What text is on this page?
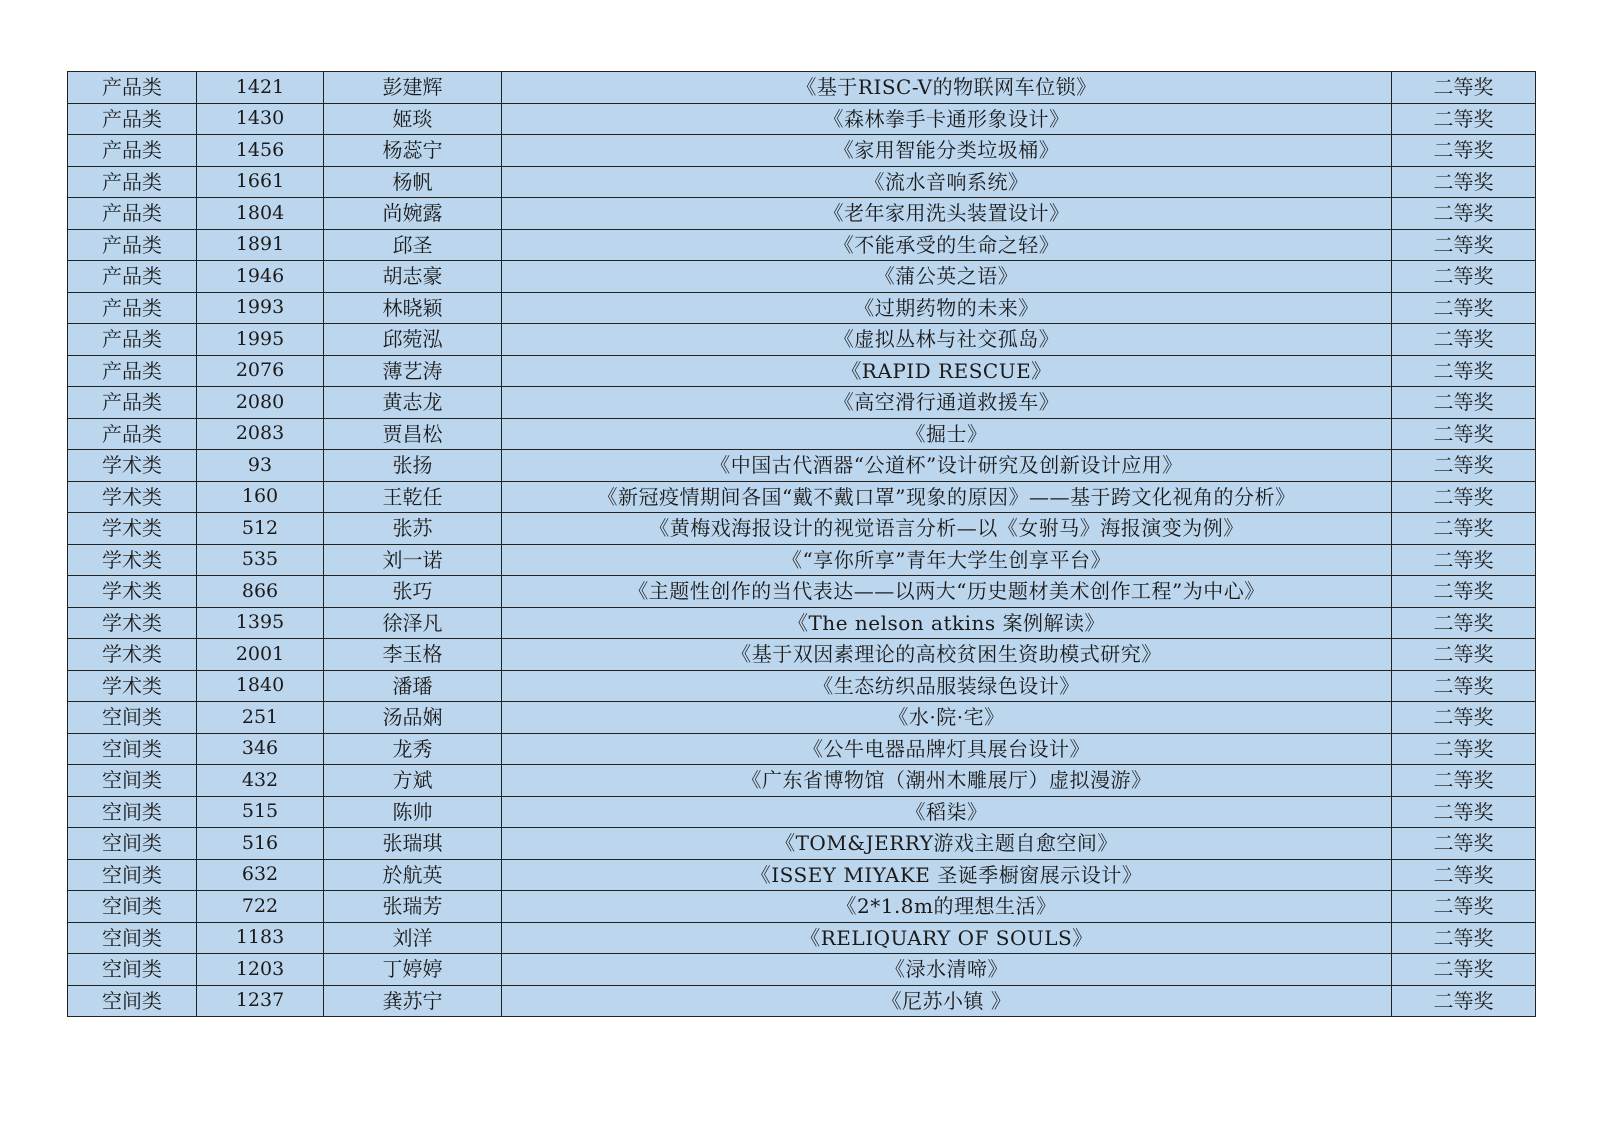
产品类	1421	彭建辉	《基于RISC-V的物联网车位锁》	二等奖
产品类	1430	姬琰	《森林拳手卡通形象设计》	二等奖
产品类	1456	杨蕊宁	《家用智能分类垃圾桶》	二等奖
产品类	1661	杨帆	《流水音响系统》	二等奖
产品类	1804	尚婉露	《老年家用洗头装置设计》	二等奖
产品类	1891	邱圣	《不能承受的生命之轻》	二等奖
产品类	1946	胡志豪	《蒲公英之语》	二等奖
产品类	1993	林晓颖	《过期药物的未来》	二等奖
产品类	1995	邱菀泓	《虚拟丛林与社交孤岛》	二等奖
产品类	2076	薄艺涛	《RAPID RESCUE》	二等奖
产品类	2080	黄志龙	《高空滑行通道救援车》	二等奖
产品类	2083	贾昌松	《掘士》	二等奖
学术类	93	张扬	《中国古代酒器“公道杯”设计研究及创新设计应用》	二等奖
学术类	160	王乾任	《新冠疫情期间各国“戴不戴口罩”现象的原因》——基于跨文化视角的分析》	二等奖
学术类	512	张苏	《黄梅戏海报设计的视觉语言分析—以《女驸马》海报演变为例》	二等奖
学术类	535	刘一诺	《“享你所享”青年大学生创享平台》	二等奖
学术类	866	张巧	《主题性创作的当代表达——以两大“历史题材美术创作工程”为中心》	二等奖
学术类	1395	徐泽凡	《The nelson atkins 案例解读》	二等奖
学术类	2001	李玉格	《基于双因素理论的高校贫困生资助模式研究》	二等奖
学术类	1840	潘璠	《生态纺织品服装绿色设计》	二等奖
空间类	251	汤品娴	《水·院·宅》	二等奖
空间类	346	龙秀	《公牛电器品牌灯具展台设计》	二等奖
空间类	432	方斌	《广东省博物馆（潮州木雕展厅）虚拟漫游》	二等奖
空间类	515	陈帅	《稻柒》	二等奖
空间类	516	张瑞琪	《TOM&JERRY游戏主题自愈空间》	二等奖
空间类	632	於航英	《ISSEY MIYAKE 圣诞季橱窗展示设计》	二等奖
空间类	722	张瑞芳	《2*1.8m的理想生活》	二等奖
空间类	1183	刘洋	《RELIQUARY OF SOULS》	二等奖
空间类	1203	丁婷婷	《渌水清啼》	二等奖
空间类	1237	龚苏宁	《尼苏小镇 》	二等奖
